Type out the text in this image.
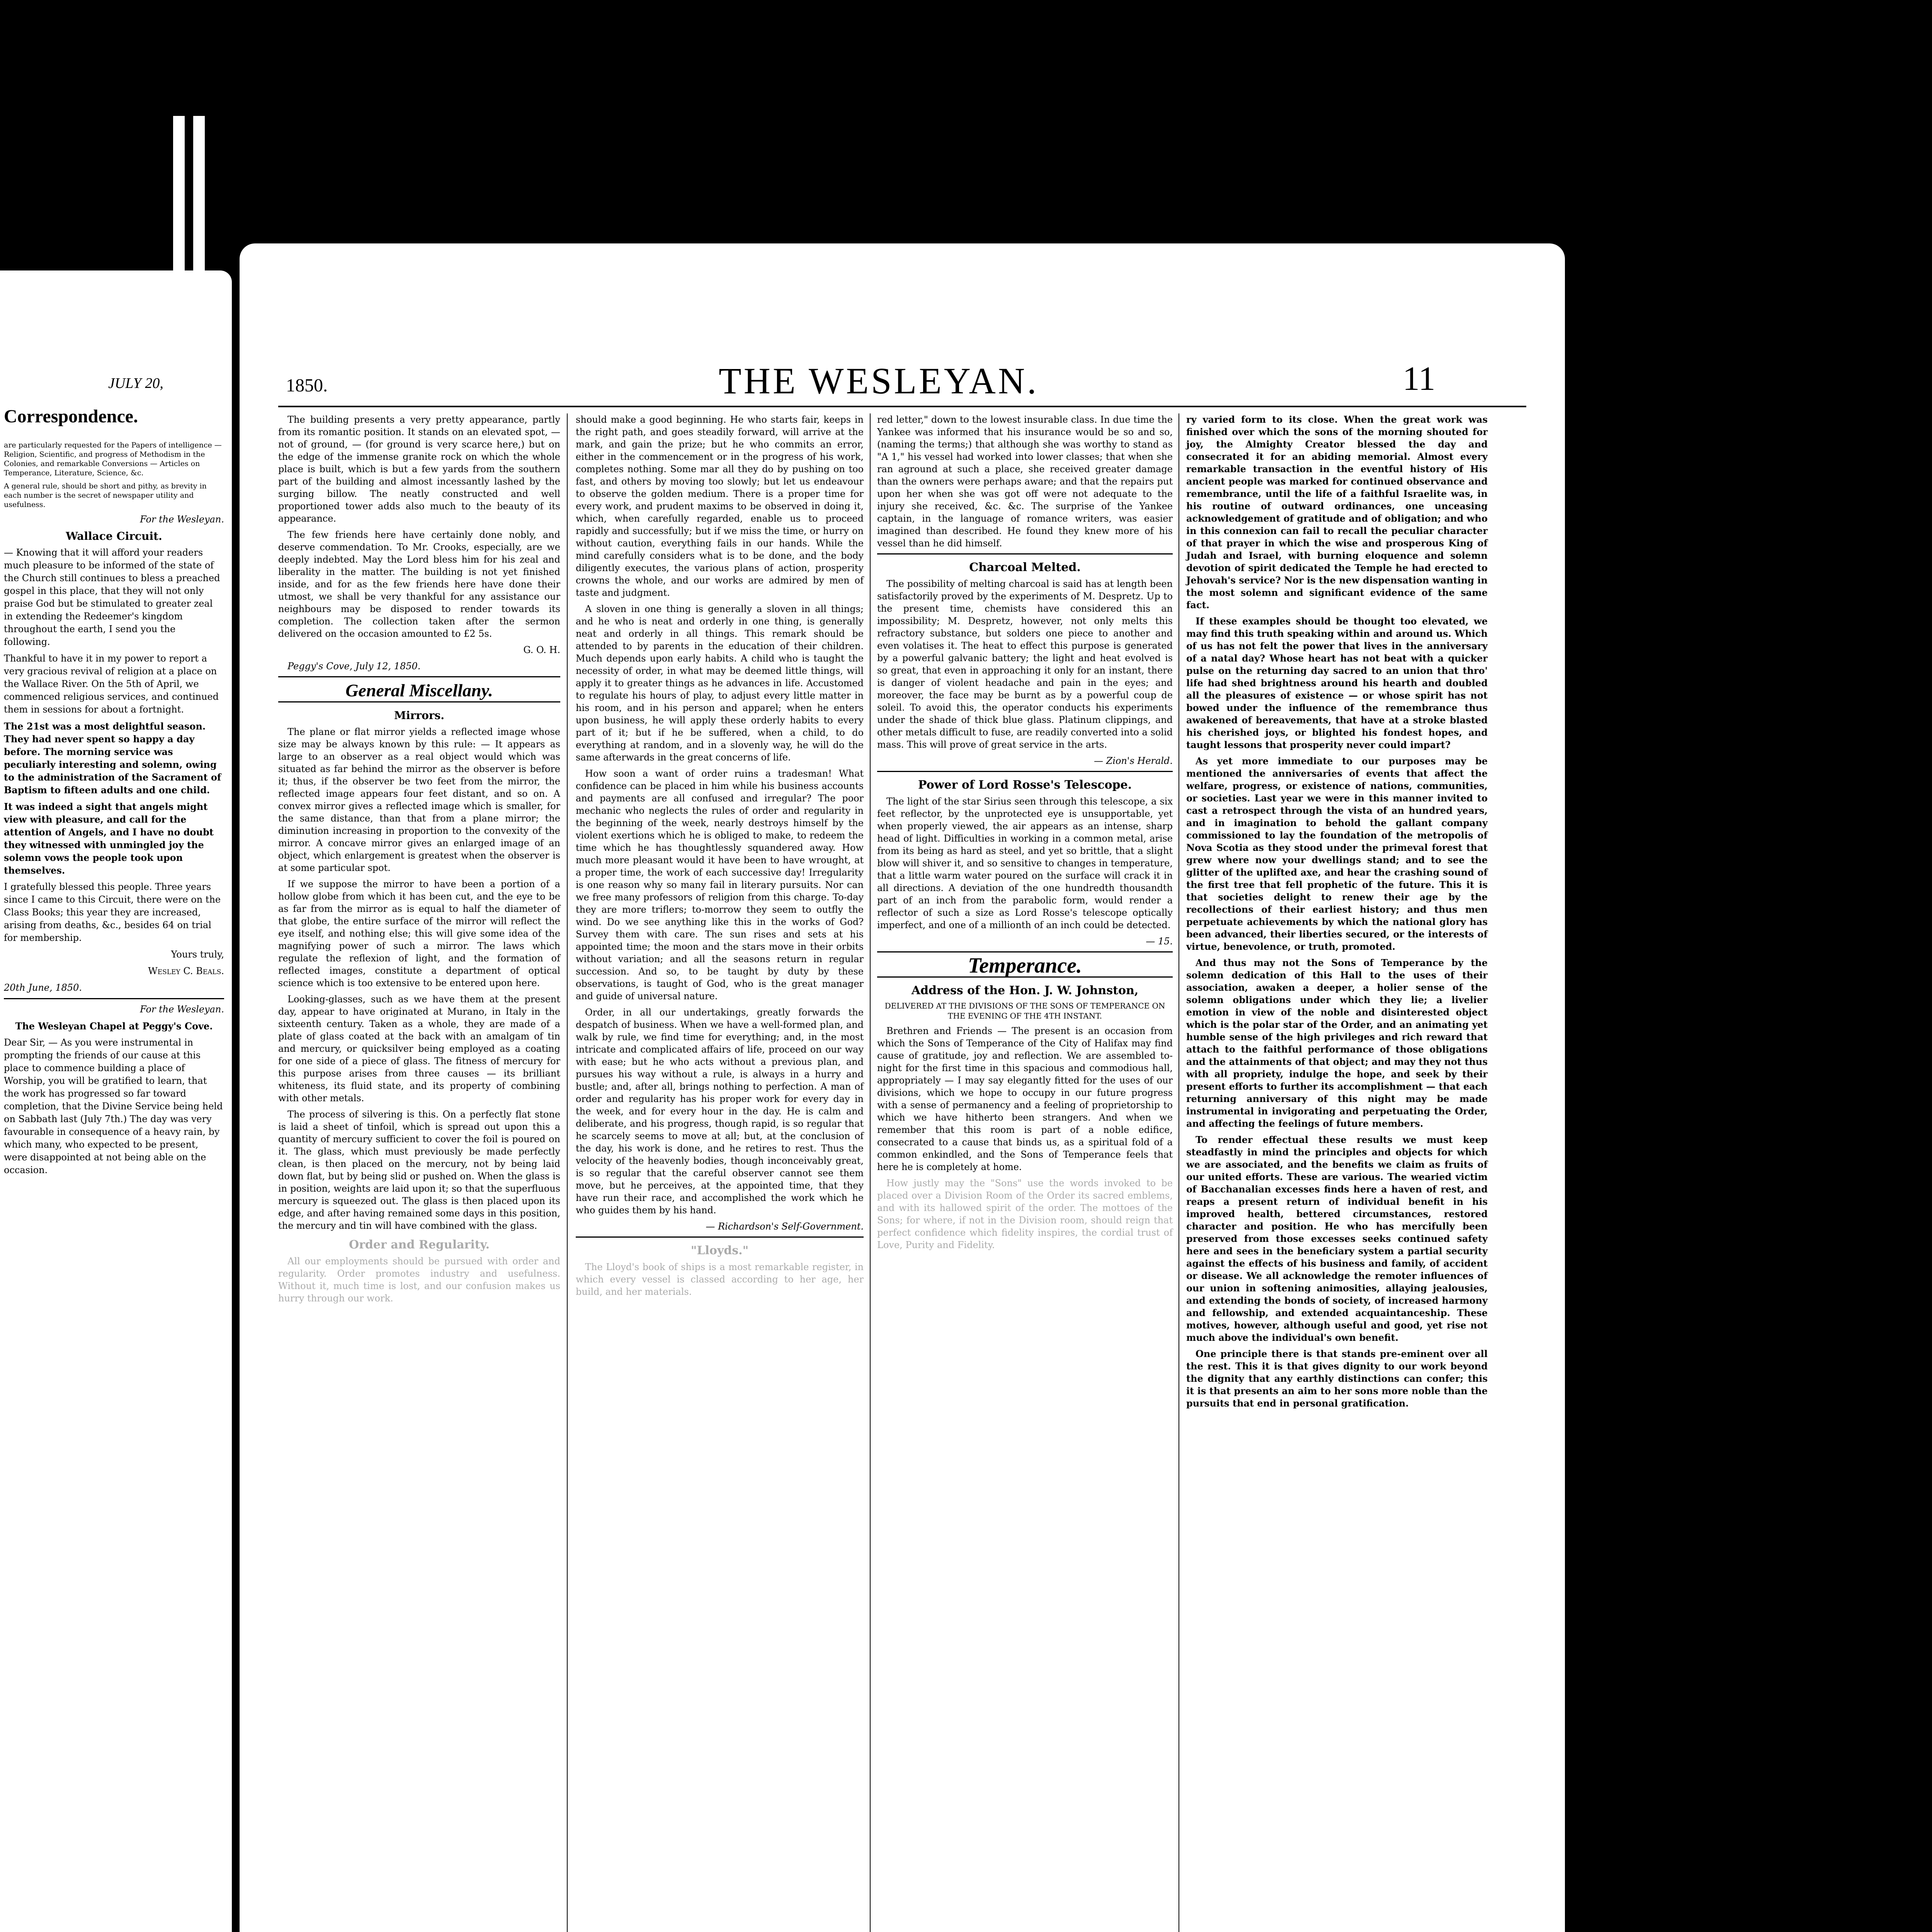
JULY 20,
Correspondence.

are particularly requested for the Papers of intelligence — Religion, Scientific, and progress of Methodism in the Colonies, and remarkable Conversions — Articles on Temperance, Literature, Science, &c.

A general rule, should be short and pithy, as brevity in each number is the secret of newspaper utility and usefulness.

For the Wesleyan.

Wallace Circuit.

— Knowing that it will afford your readers much pleasure to be informed of the state of the Church still continues to bless a preached gospel in this place, that they will not only praise God but be stimulated to greater zeal in extending the Redeemer's kingdom throughout the earth, I send you the following.

Thankful to have it in my power to report a very gracious revival of religion at a place on the Wallace River. On the 5th of April, we commenced religious services, and continued them in sessions for about a fortnight.

The 21st was a most delightful season. They had never spent so happy a day before. The morning service was peculiarly interesting and solemn, owing to the administration of the Sacrament of Baptism to fifteen adults and one child.

It was indeed a sight that angels might view with pleasure, and call for the attention of Angels, and I have no doubt they witnessed with unmingled joy the solemn vows the people took upon themselves.

I gratefully blessed this people. Three years since I came to this Circuit, there were on the Class Books; this year they are increased, arising from deaths, &c., besides 64 on trial for membership.

Yours truly,

Wesley C. Beals.

20th June, 1850.

For the Wesleyan.

The Wesleyan Chapel at Peggy's Cove.

Dear Sir, — As you were instrumental in prompting the friends of our cause at this place to commence building a place of Worship, you will be gratified to learn, that the work has progressed so far toward completion, that the Divine Service being held on Sabbath last (July 7th.) The day was very favourable in consequence of a heavy rain, by which many, who expected to be present, were disappointed at not being able on the occasion.

1850.	THE WESLEYAN.	11

The building presents a very pretty appearance, partly from its romantic position. It stands on an elevated spot, — not of ground, — (for ground is very scarce here,) but on the edge of the immense granite rock on which the whole place is built, which is but a few yards from the southern part of the building and almost incessantly lashed by the surging billow. The neatly constructed and well proportioned tower adds also much to the beauty of its appearance.

The few friends here have certainly done nobly, and deserve commendation. To Mr. Crooks, especially, are we deeply indebted. May the Lord bless him for his zeal and liberality in the matter. The building is not yet finished inside, and for as the few friends here have done their utmost, we shall be very thankful for any assistance our neighbours may be disposed to render towards its completion. The collection taken after the sermon delivered on the occasion amounted to £2 5s.

G. O. H.

Peggy's Cove, July 12, 1850.

General Miscellany.
Mirrors.

The plane or flat mirror yields a reflected image whose size may be always known by this rule: — It appears as large to an observer as a real object would which was situated as far behind the mirror as the observer is before it; thus, if the observer be two feet from the mirror, the reflected image appears four feet distant, and so on. A convex mirror gives a reflected image which is smaller, for the same distance, than that from a plane mirror; the diminution increasing in proportion to the convexity of the mirror. A concave mirror gives an enlarged image of an object, which enlargement is greatest when the observer is at some particular spot.

If we suppose the mirror to have been a portion of a hollow globe from which it has been cut, and the eye to be as far from the mirror as is equal to half the diameter of that globe, the entire surface of the mirror will reflect the eye itself, and nothing else; this will give some idea of the magnifying power of such a mirror. The laws which regulate the reflexion of light, and the formation of reflected images, constitute a department of optical science which is too extensive to be entered upon here.

Looking-glasses, such as we have them at the present day, appear to have originated at Murano, in Italy in the sixteenth century. Taken as a whole, they are made of a plate of glass coated at the back with an amalgam of tin and mercury, or quicksilver being employed as a coating for one side of a piece of glass. The fitness of mercury for this purpose arises from three causes — its brilliant whiteness, its fluid state, and its property of combining with other metals.

The process of silvering is this. On a perfectly flat stone is laid a sheet of tinfoil, which is spread out upon this a quantity of mercury sufficient to cover the foil is poured on it. The glass, which must previously be made perfectly clean, is then placed on the mercury, not by being laid down flat, but by being slid or pushed on. When the glass is in position, weights are laid upon it; so that the superfluous mercury is squeezed out. The glass is then placed upon its edge, and after having remained some days in this position, the mercury and tin will have combined with the glass.

Order and Regularity.

All our employments should be pursued with order and regularity. Order promotes industry and usefulness. Without it, much time is lost, and our confusion makes us hurry through our work.

should make a good beginning. He who starts fair, keeps in the right path, and goes steadily forward, will arrive at the mark, and gain the prize; but he who commits an error, either in the commencement or in the progress of his work, completes nothing. Some mar all they do by pushing on too fast, and others by moving too slowly; but let us endeavour to observe the golden medium. There is a proper time for every work, and prudent maxims to be observed in doing it, which, when carefully regarded, enable us to proceed rapidly and successfully; but if we miss the time, or hurry on without caution, everything fails in our hands. While the mind carefully considers what is to be done, and the body diligently executes, the various plans of action, prosperity crowns the whole, and our works are admired by men of taste and judgment.

A sloven in one thing is generally a sloven in all things; and he who is neat and orderly in one thing, is generally neat and orderly in all things. This remark should be attended to by parents in the education of their children. Much depends upon early habits. A child who is taught the necessity of order, in what may be deemed little things, will apply it to greater things as he advances in life. Accustomed to regulate his hours of play, to adjust every little matter in his room, and in his person and apparel; when he enters upon business, he will apply these orderly habits to every part of it; but if he be suffered, when a child, to do everything at random, and in a slovenly way, he will do the same afterwards in the great concerns of life.

How soon a want of order ruins a tradesman! What confidence can be placed in him while his business accounts and payments are all confused and irregular? The poor mechanic who neglects the rules of order and regularity in the beginning of the week, nearly destroys himself by the violent exertions which he is obliged to make, to redeem the time which he has thoughtlessly squandered away. How much more pleasant would it have been to have wrought, at a proper time, the work of each successive day! Irregularity is one reason why so many fail in literary pursuits. Nor can we free many professors of religion from this charge. To-day they are more triflers; to-morrow they seem to outfly the wind. Do we see anything like this in the works of God? Survey them with care. The sun rises and sets at his appointed time; the moon and the stars move in their orbits without variation; and all the seasons return in regular succession. And so, to be taught by duty by these observations, is taught of God, who is the great manager and guide of universal nature.

Order, in all our undertakings, greatly forwards the despatch of business. When we have a well-formed plan, and walk by rule, we find time for everything; and, in the most intricate and complicated affairs of life, proceed on our way with ease; but he who acts without a previous plan, and pursues his way without a rule, is always in a hurry and bustle; and, after all, brings nothing to perfection. A man of order and regularity has his proper work for every day in the week, and for every hour in the day. He is calm and deliberate, and his progress, though rapid, is so regular that he scarcely seems to move at all; but, at the conclusion of the day, his work is done, and he retires to rest. Thus the velocity of the heavenly bodies, though inconceivably great, is so regular that the careful observer cannot see them move, but he perceives, at the appointed time, that they have run their race, and accomplished the work which he who guides them by his hand.

— Richardson's Self-Government.

"Lloyds."

The Lloyd's book of ships is a most remarkable register, in which every vessel is classed according to her age, her build, and her materials.

red letter," down to the lowest insurable class. In due time the Yankee was informed that his insurance would be so and so, (naming the terms;) that although she was worthy to stand as "A 1," his vessel had worked into lower classes; that when she ran aground at such a place, she received greater damage than the owners were perhaps aware; and that the repairs put upon her when she was got off were not adequate to the injury she received, &c. &c. The surprise of the Yankee captain, in the language of romance writers, was easier imagined than described. He found they knew more of his vessel than he did himself.

Charcoal Melted.

The possibility of melting charcoal is said has at length been satisfactorily proved by the experiments of M. Despretz. Up to the present time, chemists have considered this an impossibility; M. Despretz, however, not only melts this refractory substance, but solders one piece to another and even volatises it. The heat to effect this purpose is generated by a powerful galvanic battery; the light and heat evolved is so great, that even in approaching it only for an instant, there is danger of violent headache and pain in the eyes; and moreover, the face may be burnt as by a powerful coup de soleil. To avoid this, the operator conducts his experiments under the shade of thick blue glass. Platinum clippings, and other metals difficult to fuse, are readily converted into a solid mass. This will prove of great service in the arts.

— Zion's Herald.

Power of Lord Rosse's Telescope.

The light of the star Sirius seen through this telescope, a six feet reflector, by the unprotected eye is unsupportable, yet when properly viewed, the air appears as an intense, sharp head of light. Difficulties in working in a common metal, arise from its being as hard as steel, and yet so brittle, that a slight blow will shiver it, and so sensitive to changes in temperature, that a little warm water poured on the surface will crack it in all directions. A deviation of the one hundredth thousandth part of an inch from the parabolic form, would render a reflector of such a size as Lord Rosse's telescope optically imperfect, and one of a millionth of an inch could be detected.

— 15.

Temperance.
Address of the Hon. J. W. Johnston,

DELIVERED AT THE DIVISIONS OF THE SONS OF TEMPERANCE ON THE EVENING OF THE 4TH INSTANT.

Brethren and Friends — The present is an occasion from which the Sons of Temperance of the City of Halifax may find cause of gratitude, joy and reflection. We are assembled to-night for the first time in this spacious and commodious hall, appropriately — I may say elegantly fitted for the uses of our divisions, which we hope to occupy in our future progress with a sense of permanency and a feeling of proprietorship to which we have hitherto been strangers. And when we remember that this room is part of a noble edifice, consecrated to a cause that binds us, as a spiritual fold of a common enkindled, and the Sons of Temperance feels that here he is completely at home.

How justly may the "Sons" use the words invoked to be placed over a Division Room of the Order its sacred emblems, and with its hallowed spirit of the order. The mottoes of the Sons; for where, if not in the Division room, should reign that perfect confidence which fidelity inspires, the cordial trust of Love, Purity and Fidelity.

ry varied form to its close. When the great work was finished over which the sons of the morning shouted for joy, the Almighty Creator blessed the day and consecrated it for an abiding memorial. Almost every remarkable transaction in the eventful history of His ancient people was marked for continued observance and remembrance, until the life of a faithful Israelite was, in his routine of outward ordinances, one unceasing acknowledgement of gratitude and of obligation; and who in this connexion can fail to recall the peculiar character of that prayer in which the wise and prosperous King of Judah and Israel, with burning eloquence and solemn devotion of spirit dedicated the Temple he had erected to Jehovah's service? Nor is the new dispensation wanting in the most solemn and significant evidence of the same fact.

If these examples should be thought too elevated, we may find this truth speaking within and around us. Which of us has not felt the power that lives in the anniversary of a natal day? Whose heart has not beat with a quicker pulse on the returning day sacred to an union that thro' life had shed brightness around his hearth and doubled all the pleasures of existence — or whose spirit has not bowed under the influence of the remembrance thus awakened of bereavements, that have at a stroke blasted his cherished joys, or blighted his fondest hopes, and taught lessons that prosperity never could impart?

As yet more immediate to our purposes may be mentioned the anniversaries of events that affect the welfare, progress, or existence of nations, communities, or societies. Last year we were in this manner invited to cast a retrospect through the vista of an hundred years, and in imagination to behold the gallant company commissioned to lay the foundation of the metropolis of Nova Scotia as they stood under the primeval forest that grew where now your dwellings stand; and to see the glitter of the uplifted axe, and hear the crashing sound of the first tree that fell prophetic of the future. This it is that societies delight to renew their age by the recollections of their earliest history; and thus men perpetuate achievements by which the national glory has been advanced, their liberties secured, or the interests of virtue, benevolence, or truth, promoted.

And thus may not the Sons of Temperance by the solemn dedication of this Hall to the uses of their association, awaken a deeper, a holier sense of the solemn obligations under which they lie; a livelier emotion in view of the noble and disinterested object which is the polar star of the Order, and an animating yet humble sense of the high privileges and rich reward that attach to the faithful performance of those obligations and the attainments of that object; and may they not thus with all propriety, indulge the hope, and seek by their present efforts to further its accomplishment — that each returning anniversary of this night may be made instrumental in invigorating and perpetuating the Order, and affecting the feelings of future members.

To render effectual these results we must keep steadfastly in mind the principles and objects for which we are associated, and the benefits we claim as fruits of our united efforts. These are various. The wearied victim of Bacchanalian excesses finds here a haven of rest, and reaps a present return of individual benefit in his improved health, bettered circumstances, restored character and position. He who has mercifully been preserved from those excesses seeks continued safety here and sees in the beneficiary system a partial security against the effects of his business and family, of accident or disease. We all acknowledge the remoter influences of our union in softening animosities, allaying jealousies, and extending the bonds of society, of increased harmony and fellowship, and extended acquaintanceship. These motives, however, although useful and good, yet rise not much above the individual's own benefit.

One principle there is that stands pre-eminent over all the rest. This it is that gives dignity to our work beyond the dignity that any earthly distinctions can confer; this it is that presents an aim to her sons more noble than the pursuits that end in personal gratification.
